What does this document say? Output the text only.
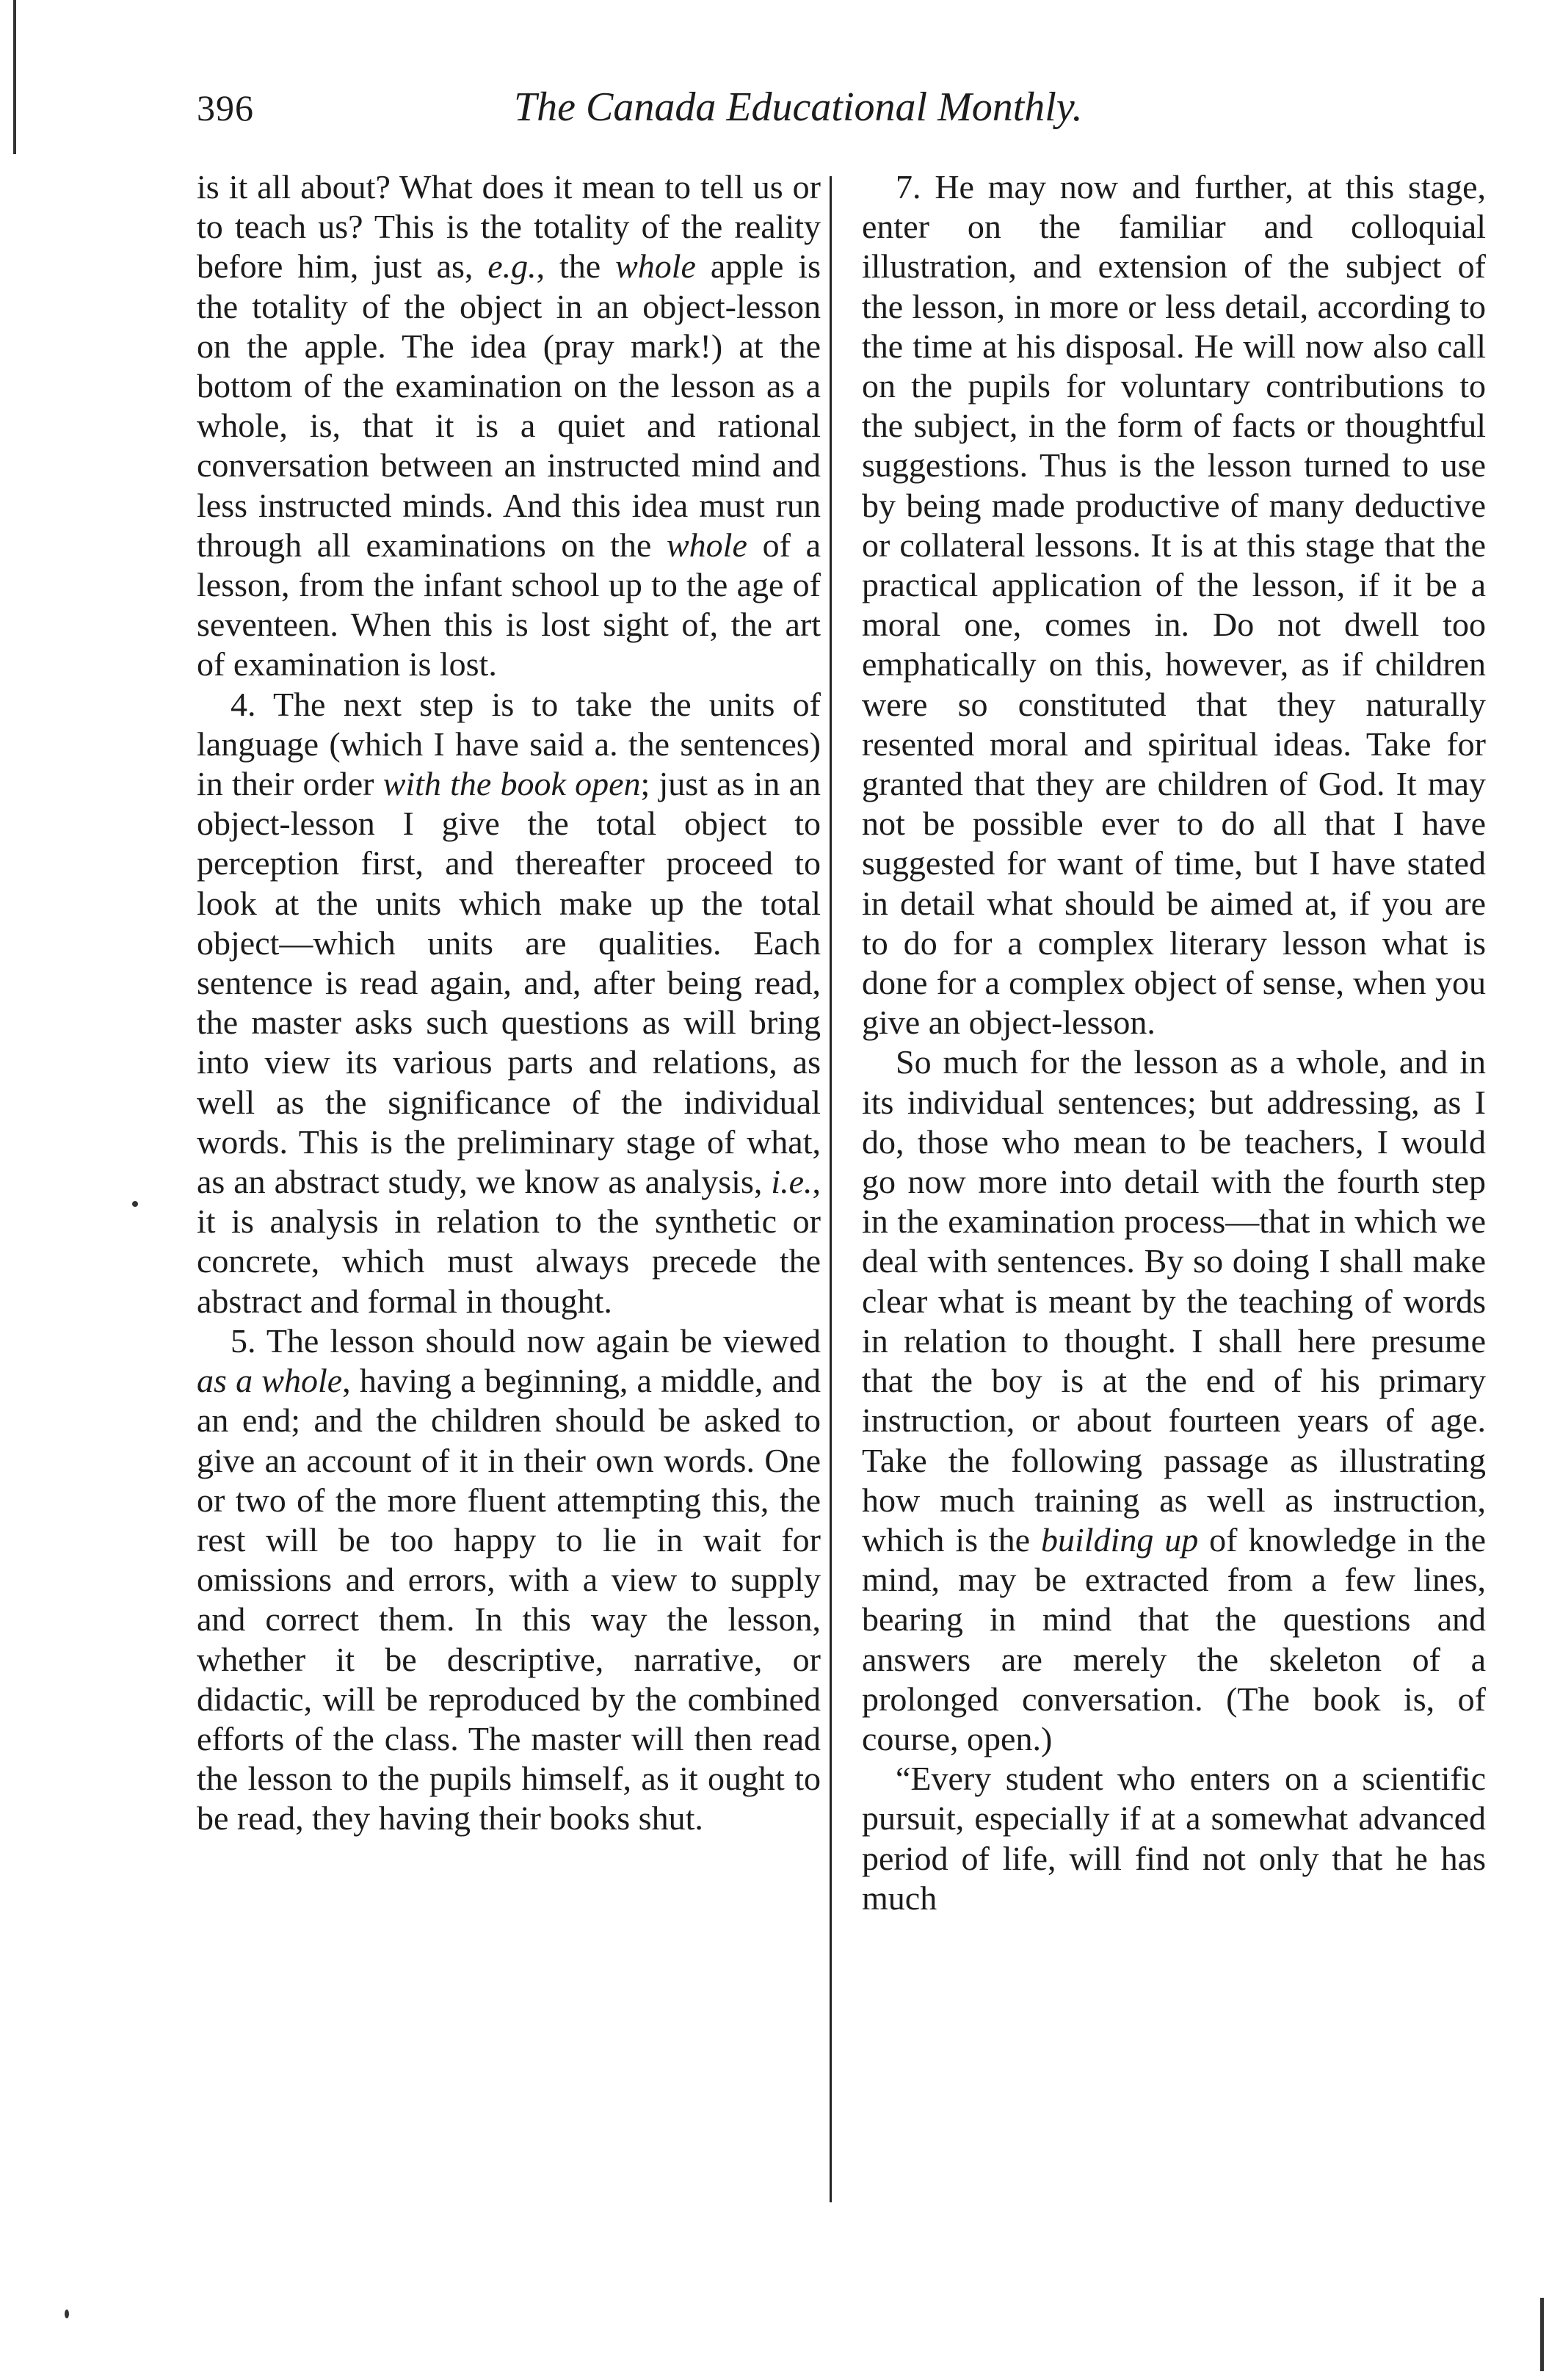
396	The Canada Educational Monthly.

is it all about? What does it mean to tell us or to teach us? This is the totality of the reality before him, just as, e.g., the whole apple is the totality of the object in an object-lesson on the apple. The idea (pray mark!) at the bottom of the examination on the lesson as a whole, is, that it is a quiet and rational conversation between an instructed mind and less instructed minds. And this idea must run through all examinations on the whole of a lesson, from the infant school up to the age of seventeen. When this is lost sight of, the art of examination is lost.

4. The next step is to take the units of language (which I have said a. the sentences) in their order with the book open; just as in an object-lesson I give the total object to perception first, and thereafter proceed to look at the units which make up the total object—which units are qualities. Each sentence is read again, and, after being read, the master asks such questions as will bring into view its various parts and relations, as well as the significance of the individual words. This is the preliminary stage of what, as an abstract study, we know as analysis, i.e., it is analysis in relation to the synthetic or concrete, which must always precede the abstract and formal in thought.

5. The lesson should now again be viewed as a whole, having a beginning, a middle, and an end; and the children should be asked to give an account of it in their own words. One or two of the more fluent attempting this, the rest will be too happy to lie in wait for omissions and errors, with a view to supply and correct them. In this way the lesson, whether it be descriptive, narrative, or didactic, will be reproduced by the combined efforts of the class. The master will then read the lesson to the pupils himself, as it ought to be read, they having their books shut.

7. He may now and further, at this stage, enter on the familiar and colloquial illustration, and extension of the subject of the lesson, in more or less detail, according to the time at his disposal. He will now also call on the pupils for voluntary contributions to the subject, in the form of facts or thoughtful suggestions. Thus is the lesson turned to use by being made productive of many deductive or collateral lessons. It is at this stage that the practical application of the lesson, if it be a moral one, comes in. Do not dwell too emphatically on this, however, as if children were so constituted that they naturally resented moral and spiritual ideas. Take for granted that they are children of God. It may not be possible ever to do all that I have suggested for want of time, but I have stated in detail what should be aimed at, if you are to do for a complex literary lesson what is done for a complex object of sense, when you give an object-lesson.

So much for the lesson as a whole, and in its individual sentences; but addressing, as I do, those who mean to be teachers, I would go now more into detail with the fourth step in the examination process—that in which we deal with sentences. By so doing I shall make clear what is meant by the teaching of words in relation to thought. I shall here presume that the boy is at the end of his primary instruction, or about fourteen years of age. Take the following passage as illustrating how much training as well as instruction, which is the building up of knowledge in the mind, may be extracted from a few lines, bearing in mind that the questions and answers are merely the skeleton of a prolonged conversation. (The book is, of course, open.)

“Every student who enters on a scientific pursuit, especially if at a somewhat advanced period of life, will find not only that he has much
